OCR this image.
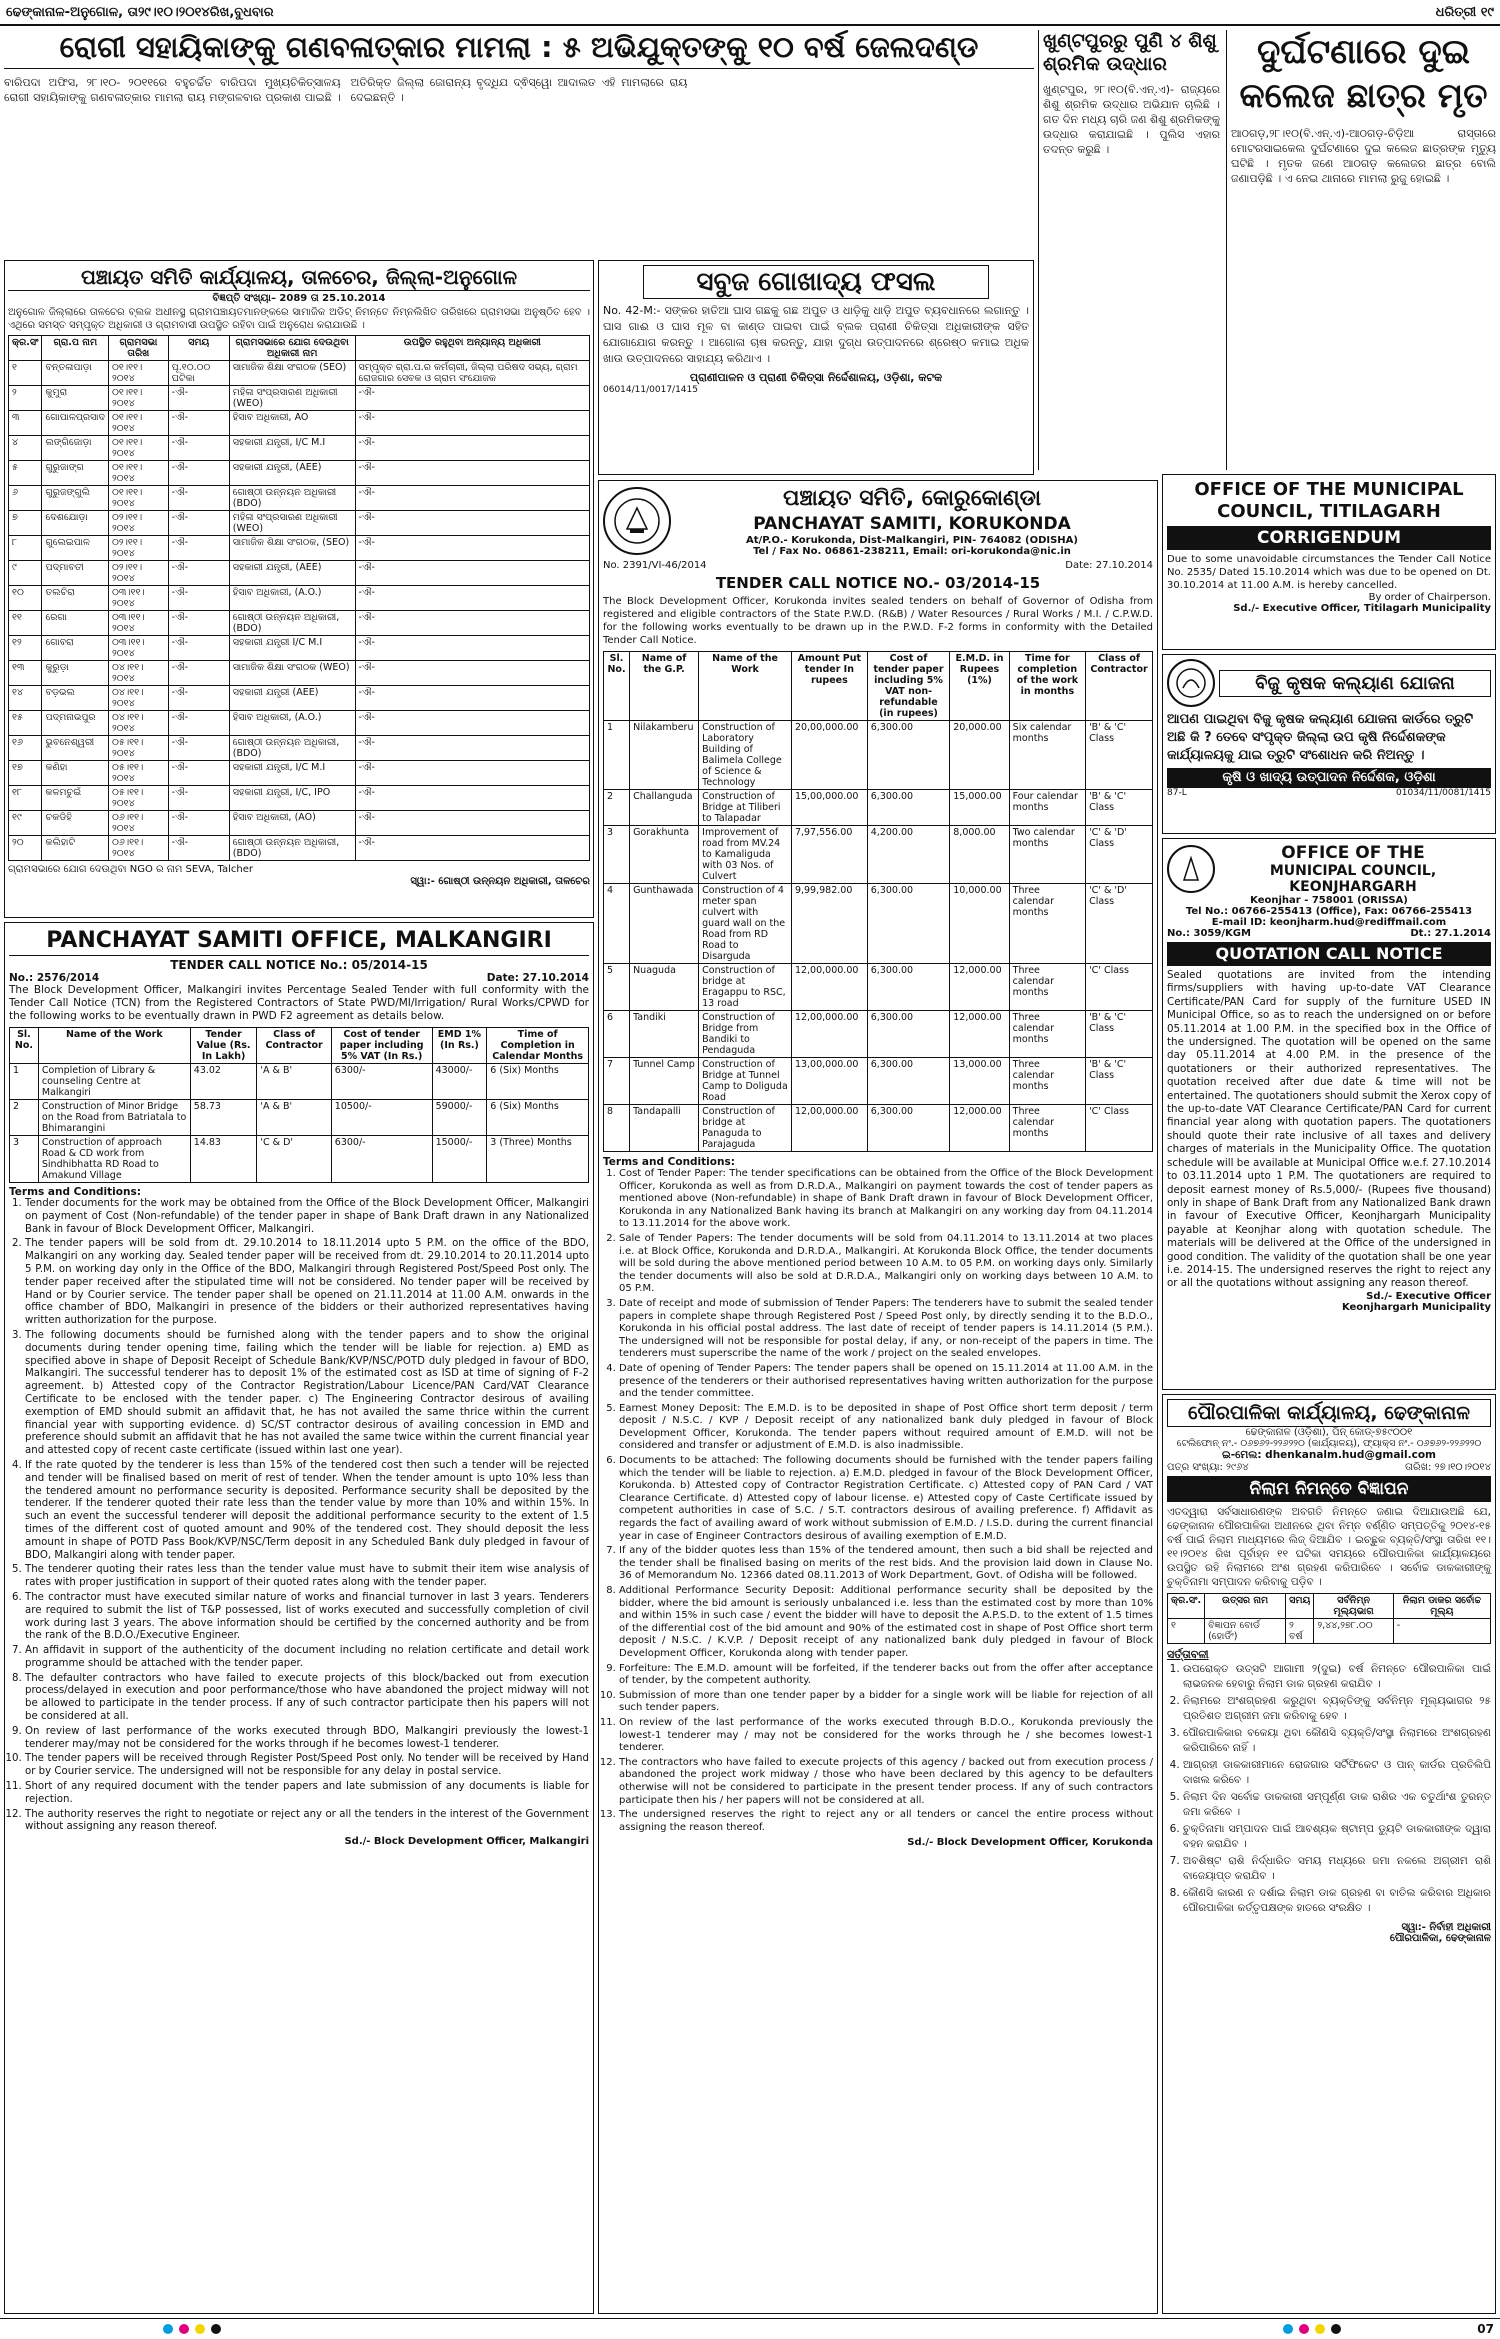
ଢେଙ୍କାନାଳ-ଅନୁଗୋଳ, ତା୨୯।୧୦।୨୦୧୪ରିଖ,ବୁଧବାର	ଧରିତ୍ରୀ ୧୯
ରୋଗୀ ସହାୟିକାଙ୍କୁ ଗଣବଳାତ୍କାର ମାମଲା : ୫ ଅଭିଯୁକ୍ତଙ୍କୁ ୧୦ ବର୍ଷ ଜେଲଦଣ୍ଡ
ବାରିପଦା ଅଫିସ, ୨୮।୧୦- ୨୦୧୧ରେ ବହୁଚର୍ଚ୍ଚିତ ବାରିପଦା ମୁଖ୍ୟଚିକିତ୍ସାଳୟ ରୋଗୀ ସହାୟିକାଙ୍କୁ ଗଣବଳାତ୍କାର ମାମଲା ରାୟ ମଙ୍ଗଳବାର ପ୍ରକାଶ ପାଇଛି । ଅତିରିକ୍ତ ଜିଲ୍ଲା ଜୋରାନ୍ୟ ବୃଦ୍ଧିଯ ଦ୍ଵିସ୍ୱୋ ଆଦାଲତ ଏହି ମାମଲାରେ ରାୟ ଦେଇଛନ୍ତି ।
ଖୁଣ୍ଟପୁରରୁ ପୁଣି ୪ ଶିଶୁ ଶ୍ରମିକ ଉଦ୍ଧାର
ଖୁଣ୍ଟପୁର, ୨୮।୧୦(ବି.ଏନ୍.ଏ)- ରାଜ୍ୟରେ ଶିଶୁ ଶ୍ରମିକ ଉଦ୍ଧାର ଅଭିଯାନ ଚାଲିଛି । ଗତ ଦିନ ମଧ୍ୟ ଚାରି ଜଣ ଶିଶୁ ଶ୍ରମିକଙ୍କୁ ଉଦ୍ଧାର କରାଯାଇଛି । ପୁଲିସ ଏହାର ତଦନ୍ତ କରୁଛି ।
ଦୁର୍ଘଟଣାରେ ଦୁଇ କଲେଜ ଛାତ୍ର ମୃତ
ଆଠଗଡ଼,୨୮।୧୦(ବି.ଏନ୍.ଏ)-ଆଠଗଡ଼-ଚିଡ଼ିଆ ରାସ୍ତାରେ ମୋଟରସାଇକେଲ ଦୁର୍ଘଟଣାରେ ଦୁଇ କଲେଜ ଛାତ୍ରଙ୍କ ମୃତ୍ୟୁ ଘଟିଛି । ମୃତକ ଜଣେ ଆଠଗଡ଼ କଲେଜର ଛାତ୍ର ବୋଲି ଜଣାପଡ଼ିଛି । ଏ ନେଇ ଥାନାରେ ମାମଲା ରୁଜୁ ହୋଇଛି ।
ପଞ୍ଚାୟତ ସମିତି କାର୍ଯ୍ୟାଳୟ, ତାଳଚେର, ଜିଲ୍ଲା-ଅନୁଗୋଳ
ବିଜ୍ଞପ୍ତି ସଂଖ୍ୟା– 2089 ତା 25.10.2014
ଅନୁଗୋଳ ଜିଲ୍ଲାରେ ତାଳଚେର ବ୍ଲକ ଅଧୀନସ୍ଥ ଗ୍ରାମପଞ୍ଚାୟତମାନଙ୍କରେ ସାମାଜିକ ଅଡିଟ୍ ନିମନ୍ତେ ନିମ୍ନଲିଖିତ ତାରିଖରେ ଗ୍ରାମସଭା ଅନୁଷ୍ଠିତ ହେବ । ଏଥିରେ ସମସ୍ତ ସମ୍ପୃକ୍ତ ଅଧିକାରୀ ଓ ଗ୍ରାମବାସୀ ଉପସ୍ଥିତ ରହିବା ପାଇଁ ଅନୁରୋଧ କରାଯାଉଛି ।
କ୍ର.ସଂ	ଗ୍ରା.ପ ନାମ	ଗ୍ରାମସଭା ତାରିଖ	ସମୟ	ଗ୍ରାମସଭାରେ ଯୋଗ ଦେଉଥିବା ଅଧିକାରୀ ନାମ	ଉପସ୍ଥିତ ରହୁଥିବା ଅନ୍ୟାନ୍ୟ ଅଧିକାରୀ
୧	ବନ୍ତଳାପାଡ଼ା	୦୧।୧୧।୨୦୧୪	ପୂ.୧୦.୦୦ ଘଟିକା	ସାମାଜିକ ଶିକ୍ଷା ସଂଗଠକ (SEO)	ସମ୍ପୃକ୍ତ ଗ୍ରା.ପ.ର କର୍ମଚାରୀ, ଜିଲ୍ଲା ପରିଷଦ ସଭ୍ୟ, ଗ୍ରାମ ରୋଜଗାର ସେବକ ଓ ଗ୍ରାମ ସଂଯୋଜକ
୨	କୁମୁରା	୦୧।୧୧।୨୦୧୪	-ଐ-	ମହିଳା ସଂପ୍ରସାରଣ ଅଧିକାରୀ (WEO)	-ଐ-
୩	ଗୋପାଳପ୍ରସାଦ	୦୧।୧୧।୨୦୧୪	-ଐ-	ହିସାବ ଅଧିକାରୀ, AO	-ଐ-
୪	ଲଙ୍ଗିଜୋଡ଼ା	୦୧।୧୧।୨୦୧୪	-ଐ-	ସହକାରୀ ଯନ୍ତ୍ରୀ, I/C M.I	-ଐ-
୫	ଗୁରୁଜାଙ୍ଗ	୦୧।୧୧।୨୦୧୪	-ଐ-	ସହକାରୀ ଯନ୍ତ୍ରୀ, (AEE)	-ଐ-
୬	ଗୁରୁଜଙ୍ଗୁଲି	୦୧।୧୧।୨୦୧୪	-ଐ-	ଗୋଷ୍ଠୀ ଉନ୍ନୟନ ଅଧିକାରୀ (BDO)	-ଐ-
୭	ଦେଶଯୋଡ଼ା	୦୨।୧୧।୨୦୧୪	-ଐ-	ମହିଳା ସଂପ୍ରସାରଣ ଅଧିକାରୀ (WEO)	-ଐ-
୮	ଗୁଲେଇପାଳ	୦୨।୧୧।୨୦୧୪	-ଐ-	ସାମାଜିକ ଶିକ୍ଷା ସଂଗଠକ, (SEO)	-ଐ-
୯	ପଦ୍ମାବତୀ	୦୨।୧୧।୨୦୧୪	-ଐ-	ସହକାରୀ ଯନ୍ତ୍ରୀ, (AEE)	-ଐ-
୧୦	ତଲଚିରା	୦୩।୧୧।୨୦୧୪	-ଐ-	ହିସାବ ଅଧିକାରୀ, (A.O.)	-ଐ-
୧୧	ରେଗା	୦୩।୧୧।୨୦୧୪	-ଐ-	ଗୋଷ୍ଠୀ ଉନ୍ନୟନ ଅଧିକାରୀ, (BDO)	-ଐ-
୧୨	ଗୋବରା	୦୩।୧୧।୨୦୧୪	-ଐ-	ସହକାରୀ ଯନ୍ତ୍ରୀ I/C M.I	-ଐ-
୧୩	କୁରୁଡ଼ା	୦୪।୧୧।୨୦୧୪	-ଐ-	ସାମାଜିକ ଶିକ୍ଷା ସଂଗଠକ (WEO)	-ଐ-
୧୪	ବଡ଼ଭଲ	୦୪।୧୧।୨୦୧୪	-ଐ-	ସହକାରୀ ଯନ୍ତ୍ରୀ (AEE)	-ଐ-
୧୫	ପଦ୍ମନାଭପୁର	୦୪।୧୧।୨୦୧୪	-ଐ-	ହିସାବ ଅଧିକାରୀ, (A.O.)	-ଐ-
୧୬	ଭୁବନେଶ୍ୱରୀ	୦୫।୧୧।୨୦୧୪	-ଐ-	ଗୋଷ୍ଠୀ ଉନ୍ନୟନ ଅଧିକାରୀ, (BDO)	-ଐ-
୧୭	କଣିହା	୦୫।୧୧।୨୦୧୪	-ଐ-	ସହକାରୀ ଯନ୍ତ୍ରୀ, I/C M.I	-ଐ-
୧୮	କଳମଚୁଇଁ	୦୫।୧୧।୨୦୧୪	-ଐ-	ସହକାରୀ ଯନ୍ତ୍ରୀ, I/C, IPO	-ଐ-
୧୯	ଚକଡିହି	୦୬।୧୧।୨୦୧୪	-ଐ-	ହିସାବ ଅଧିକାରୀ, (AO)	-ଐ-
୨୦	କଲିହାଟି	୦୬।୧୧।୨୦୧୪	-ଐ-	ଗୋଷ୍ଠୀ ଉନ୍ନୟନ ଅଧିକାରୀ, (BDO)	-ଐ-
ଗ୍ରାମସଭାରେ ଯୋଗ ଦେଉଥିବା NGO ର ନାମ SEVA, Talcher
ସ୍ୱା:- ଗୋଷ୍ଠୀ ଉନ୍ନୟନ ଅଧିକାରୀ, ତାଳଚେର
ସବୁଜ ଗୋଖାଦ୍ୟ ଫସଲ
No. 42-M:- ସଙ୍କର ହାତିଆ ଘାସ ଗଛକୁ ଗଛ ଅପୁତ ଓ ଧାଡ଼ିକୁ ଧାଡ଼ି ଅପୁତ ବ୍ୟବଧାନରେ ଲଗାନ୍ତୁ । ଘାସ ଗାଈ ଓ ଘାସ ମୂଳ ବା କାଣ୍ଡ ପାଇବା ପାଇଁ ବ୍ଲକ ପ୍ରାଣୀ ଚିକିତ୍ସା ଅଧିକାରୀଙ୍କ ସହିତ ଯୋଗାଯୋଗ କରନ୍ତୁ । ଆଗୋଳା ଚାଷ କରନ୍ତୁ, ଯାହା ଦୁଗ୍ଧ ଉତ୍ପାଦନରେ ଶ୍ରେଷ୍ଠ କମାଇ ଅଧିକ ଖାଉ ଉତ୍ପାଦନରେ ସାହାଯ୍ୟ କରିଥାଏ ।
ପ୍ରାଣୀପାଳନ ଓ ପ୍ରାଣୀ ଚିକିତ୍ସା ନିର୍ଦ୍ଦେଶାଳୟ, ଓଡ଼ିଶା, କଟକ
06014/11/0017/1415
ପଞ୍ଚାୟତ ସମିତି, କୋରୁକୋଣ୍ଡା
PANCHAYAT SAMITI, KORUKONDA
At/P.O.- Korukonda, Dist-Malkangiri, PIN- 764082 (ODISHA)
Tel / Fax No. 06861-238211, Email: ori-korukonda@nic.in
No. 2391/VI-46/2014	Date: 27.10.2014
TENDER CALL NOTICE NO.- 03/2014-15
The Block Development Officer, Korukonda invites sealed tenders on behalf of Governor of Odisha from registered and eligible contractors of the State P.W.D. (R&B) / Water Resources / Rural Works / M.I. / C.P.W.D. for the following works eventually to be drawn up in the P.W.D. F-2 forms in conformity with the Detailed Tender Call Notice.
Sl. No.	Name of the G.P.	Name of the Work	Amount Put tender In rupees	Cost of tender paper including 5% VAT non-refundable (in rupees)	E.M.D. in Rupees (1%)	Time for completion of the work in months	Class of Contractor
1	Nilakamberu	Construction of Laboratory Building of Balimela College of Science & Technology	20,00,000.00	6,300.00	20,000.00	Six calendar months	'B' & 'C' Class
2	Challanguda	Construction of Bridge at Tiliberi to Talapadar	15,00,000.00	6,300.00	15,000.00	Four calendar months	'B' & 'C' Class
3	Gorakhunta	Improvement of road from MV.24 to Kamaliguda with 03 Nos. of Culvert	7,97,556.00	4,200.00	8,000.00	Two calendar months	'C' & 'D' Class
4	Gunthawada	Construction of 4 meter span culvert with guard wall on the Road from RD Road to Disarguda	9,99,982.00	6,300.00	10,000.00	Three calendar months	'C' & 'D' Class
5	Nuaguda	Construction of bridge at Eragappu to RSC, 13 road	12,00,000.00	6,300.00	12,000.00	Three calendar months	'C' Class
6	Tandiki	Construction of Bridge from Bandiki to Pendaguda	12,00,000.00	6,300.00	12,000.00	Three calendar months	'B' & 'C' Class
7	Tunnel Camp	Construction of Bridge at Tunnel Camp to Doliguda Road	13,00,000.00	6,300.00	13,000.00	Three calendar months	'B' & 'C' Class
8	Tandapalli	Construction of bridge at Panaguda to Parajaguda	12,00,000.00	6,300.00	12,000.00	Three calendar months	'C' Class
Terms and Conditions:
1. Cost of Tender Paper: The tender specifications can be obtained from the Office of the Block Development Officer, Korukonda as well as from D.R.D.A., Malkangiri on payment towards the cost of tender papers as mentioned above (Non-refundable) in shape of Bank Draft drawn in favour of Block Development Officer, Korukonda in any Nationalized Bank having its branch at Malkangiri on any working day from 04.11.2014 to 13.11.2014 for the above work.
2. Sale of Tender Papers: The tender documents will be sold from 04.11.2014 to 13.11.2014 at two places i.e. at Block Office, Korukonda and D.R.D.A., Malkangiri. At Korukonda Block Office, the tender documents will be sold during the above mentioned period between 10 A.M. to 05 P.M. on working days only. Similarly the tender documents will also be sold at D.R.D.A., Malkangiri only on working days between 10 A.M. to 05 P.M.
3. Date of receipt and mode of submission of Tender Papers: The tenderers have to submit the sealed tender papers in complete shape through Registered Post / Speed Post only, by directly sending it to the B.D.O., Korukonda in his official postal address. The last date of receipt of tender papers is 14.11.2014 (5 P.M.). The undersigned will not be responsible for postal delay, if any, or non-receipt of the papers in time. The tenderers must superscribe the name of the work / project on the sealed envelopes.
4. Date of opening of Tender Papers: The tender papers shall be opened on 15.11.2014 at 11.00 A.M. in the presence of the tenderers or their authorised representatives having written authorization for the purpose and the tender committee.
5. Earnest Money Deposit: The E.M.D. is to be deposited in shape of Post Office short term deposit / term deposit / N.S.C. / KVP / Deposit receipt of any nationalized bank duly pledged in favour of Block Development Officer, Korukonda. The tender papers without required amount of E.M.D. will not be considered and transfer or adjustment of E.M.D. is also inadmissible.
6. Documents to be attached: The following documents should be furnished with the tender papers failing which the tender will be liable to rejection. a) E.M.D. pledged in favour of the Block Development Officer, Korukonda. b) Attested copy of Contractor Registration Certificate. c) Attested copy of PAN Card / VAT Clearance Certificate. d) Attested copy of labour license. e) Attested copy of Caste Certificate issued by competent authorities in case of S.C. / S.T. contractors desirous of availing preference. f) Affidavit as regards the fact of availing award of work without submission of E.M.D. / I.S.D. during the current financial year in case of Engineer Contractors desirous of availing exemption of E.M.D.
7. If any of the bidder quotes less than 15% of the tendered amount, then such a bid shall be rejected and the tender shall be finalised basing on merits of the rest bids. And the provision laid down in Clause No. 36 of Memorandum No. 12366 dated 08.11.2013 of Work Department, Govt. of Odisha will be followed.
8. Additional Performance Security Deposit: Additional performance security shall be deposited by the bidder, where the bid amount is seriously unbalanced i.e. less than the estimated cost by more than 10% and within 15% in such case / event the bidder will have to deposit the A.P.S.D. to the extent of 1.5 times of the differential cost of the bid amount and 90% of the estimated cost in shape of Post Office short term deposit / N.S.C. / K.V.P. / Deposit receipt of any nationalized bank duly pledged in favour of Block Development Officer, Korukonda along with tender paper.
9. Forfeiture: The E.M.D. amount will be forfeited, if the tenderer backs out from the offer after acceptance of tender, by the competent authority.
10. Submission of more than one tender paper by a bidder for a single work will be liable for rejection of all such tender papers.
11. On review of the last performance of the works executed through B.D.O., Korukonda previously the lowest-1 tenderer may / may not be considered for the works through he / she becomes lowest-1 tenderer.
12. The contractors who have failed to execute projects of this agency / backed out from execution process / abandoned the project work midway / those who have been declared by this agency to be defaulters otherwise will not be considered to participate in the present tender process. If any of such contractors participate then his / her papers will not be considered at all.
13. The undersigned reserves the right to reject any or all tenders or cancel the entire process without assigning the reason thereof.
Sd./- Block Development Officer, Korukonda
PANCHAYAT SAMITI OFFICE, MALKANGIRI
TENDER CALL NOTICE No.: 05/2014-15
No.: 2576/2014	Date: 27.10.2014
The Block Development Officer, Malkangiri invites Percentage Sealed Tender with full conformity with the Tender Call Notice (TCN) from the Registered Contractors of State PWD/MI/Irrigation/ Rural Works/CPWD for the following works to be eventually drawn in PWD F2 agreement as details below.
Sl. No.	Name of the Work	Tender Value (Rs. In Lakh)	Class of Contractor	Cost of tender paper including 5% VAT (In Rs.)	EMD 1% (In Rs.)	Time of Completion in Calendar Months
1	Completion of Library & counseling Centre at Malkangiri	43.02	'A & B'	6300/-	43000/-	6 (Six) Months
2	Construction of Minor Bridge on the Road from Batriatala to Bhimarangini	58.73	'A & B'	10500/-	59000/-	6 (Six) Months
3	Construction of approach Road & CD work from Sindhibhatta RD Road to Amakund Village	14.83	'C & D'	6300/-	15000/-	3 (Three) Months
Terms and Conditions:
1. Tender documents for the work may be obtained from the Office of the Block Development Officer, Malkangiri on payment of Cost (Non-refundable) of the tender paper in shape of Bank Draft drawn in any Nationalized Bank in favour of Block Development Officer, Malkangiri.
2. The tender papers will be sold from dt. 29.10.2014 to 18.11.2014 upto 5 P.M. on the office of the BDO, Malkangiri on any working day. Sealed tender paper will be received from dt. 29.10.2014 to 20.11.2014 upto 5 P.M. on working day only in the Office of the BDO, Malkangiri through Registered Post/Speed Post only. The tender paper received after the stipulated time will not be considered. No tender paper will be received by Hand or by Courier service. The tender paper shall be opened on 21.11.2014 at 11.00 A.M. onwards in the office chamber of BDO, Malkangiri in presence of the bidders or their authorized representatives having written authorization for the purpose.
3. The following documents should be furnished along with the tender papers and to show the original documents during tender opening time, failing which the tender will be liable for rejection. a) EMD as specified above in shape of Deposit Receipt of Schedule Bank/KVP/NSC/POTD duly pledged in favour of BDO, Malkangiri. The successful tenderer has to deposit 1% of the estimated cost as ISD at time of signing of F-2 agreement. b) Attested copy of the Contractor Registration/Labour Licence/PAN Card/VAT Clearance Certificate to be enclosed with the tender paper. c) The Engineering Contractor desirous of availing exemption of EMD should submit an affidavit that, he has not availed the same thrice within the current financial year with supporting evidence. d) SC/ST contractor desirous of availing concession in EMD and preference should submit an affidavit that he has not availed the same twice within the current financial year and attested copy of recent caste certificate (issued within last one year).
4. If the rate quoted by the tenderer is less than 15% of the tendered cost then such a tender will be rejected and tender will be finalised based on merit of rest of tender. When the tender amount is upto 10% less than the tendered amount no performance security is deposited. Performance security shall be deposited by the tenderer. If the tenderer quoted their rate less than the tender value by more than 10% and within 15%. In such an event the successful tenderer will deposit the additional performance security to the extent of 1.5 times of the different cost of quoted amount and 90% of the tendered cost. They should deposit the less amount in shape of POTD Pass Book/KVP/NSC/Term deposit in any Scheduled Bank duly pledged in favour of BDO, Malkangiri along with tender paper.
5. The tenderer quoting their rates less than the tender value must have to submit their item wise analysis of rates with proper justification in support of their quoted rates along with the tender paper.
6. The contractor must have executed similar nature of works and financial turnover in last 3 years. Tenderers are required to submit the list of T&P possessed, list of works executed and successfully completion of civil work during last 3 years. The above information should be certified by the concerned authority and be from the rank of the B.D.O./Executive Engineer.
7. An affidavit in support of the authenticity of the document including no relation certificate and detail work programme should be attached with the tender paper.
8. The defaulter contractors who have failed to execute projects of this block/backed out from execution process/delayed in execution and poor performance/those who have abandoned the project midway will not be allowed to participate in the tender process. If any of such contractor participate then his papers will not be considered at all.
9. On review of last performance of the works executed through BDO, Malkangiri previously the lowest-1 tenderer may/may not be considered for the works through if he becomes lowest-1 tenderer.
10. The tender papers will be received through Register Post/Speed Post only. No tender will be received by Hand or by Courier service. The undersigned will not be responsible for any delay in postal service.
11. Short of any required document with the tender papers and late submission of any documents is liable for rejection.
12. The authority reserves the right to negotiate or reject any or all the tenders in the interest of the Government without assigning any reason thereof.
Sd./- Block Development Officer, Malkangiri
OFFICE OF THE MUNICIPAL
COUNCIL, TITILAGARH
CORRIGENDUM
Due to some unavoidable circumstances the Tender Call Notice No. 2535/ Dated 15.10.2014 which was due to be opened on Dt. 30.10.2014 at 11.00 A.M. is hereby cancelled.
By order of Chairperson.
Sd./- Executive Officer, Titilagarh Municipality
ବିଜୁ କୃଷକ କଲ୍ୟାଣ ଯୋଜନା
ଆପଣ ପାଇଥିବା ବିଜୁ କୃଷକ କଲ୍ୟାଣ ଯୋଜନା କାର୍ଡରେ ତ୍ରୁଟି ଅଛି କି ? ତେବେ ସଂପୃକ୍ତ ଜିଲ୍ଲା ଉପ କୃଷି ନିର୍ଦ୍ଦେଶକଙ୍କ କାର୍ଯ୍ୟାଳୟକୁ ଯାଇ ତ୍ରୁଟି ସଂଶୋଧନ କରି ନିଅନ୍ତୁ ।
କୃଷି ଓ ଖାଦ୍ୟ ଉତ୍ପାଦନ ନିର୍ଦ୍ଦେଶକ, ଓଡ଼ିଶା
87-L	01034/11/0081/1415
OFFICE OF THE
MUNICIPAL COUNCIL, KEONJHARGARH
Keonjhar - 758001 (ORISSA)
Tel No.: 06766-255413 (Office), Fax: 06766-255413
E-mail ID: keonjharm.hud@rediffmail.com
No.: 3059/KGM	Dt.: 27.1.2014
QUOTATION CALL NOTICE
Sealed quotations are invited from the intending firms/suppliers with having up-to-date VAT Clearance Certificate/PAN Card for supply of the furniture USED IN Municipal Office, so as to reach the undersigned on or before 05.11.2014 at 1.00 P.M. in the specified box in the Office of the undersigned. The quotation will be opened on the same day 05.11.2014 at 4.00 P.M. in the presence of the quotationers or their authorized representatives. The quotation received after due date & time will not be entertained. The quotationers should submit the Xerox copy of the up-to-date VAT Clearance Certificate/PAN Card for current financial year along with quotation papers. The quotationers should quote their rate inclusive of all taxes and delivery charges of materials in the Municipality Office. The quotation schedule will be available at Municipal Office w.e.f. 27.10.2014 to 03.11.2014 upto 1 P.M. The quotationers are required to deposit earnest money of Rs.5,000/- (Rupees five thousand) only in shape of Bank Draft from any Nationalized Bank drawn in favour of Executive Officer, Keonjhargarh Municipality payable at Keonjhar along with quotation schedule. The materials will be delivered at the Office of the undersigned in good condition. The validity of the quotation shall be one year i.e. 2014-15. The undersigned reserves the right to reject any or all the quotations without assigning any reason thereof.
Sd./- Executive Officer
Keonjhargarh Municipality
ପୌରପାଳିକା କାର୍ଯ୍ୟାଳୟ, ଢେଙ୍କାନାଳ
ଢେଙ୍କାନାଳ (ଓଡ଼ିଶା), ପିନ୍ କୋଡ୍-୭୫୯୦୦୧
ଟେଲିଫୋନ୍ ନଂ.- ୦୬୭୬୨-୨୨୬୨୨୦ (କାର୍ଯ୍ୟାଳୟ), ଫ୍ୟାକ୍ସ ନଂ.- ୦୬୭୬୨-୨୨୬୨୨୦
ଇ-ମେଲ: dhenkanalm.hud@gmail.com
ପତ୍ର ସଂଖ୍ୟା: ୨୯୬୪	ତାରିଖ: ୨୭।୧୦।୨୦୧୪
ନିଲାମ ନିମନ୍ତେ ବିଜ୍ଞାପନ
ଏତଦ୍ୱାରା ସର୍ବସାଧାରଣଙ୍କ ଅବଗତି ନିମନ୍ତେ ଜଣାଇ ଦିଆଯାଉଅଛି ଯେ, ଢେଙ୍କାନାଳ ପୌରପାଳିକା ଅଧୀନରେ ଥିବା ନିମ୍ନ ବର୍ଣ୍ଣିତ ସମ୍ପତ୍ତିକୁ ୨୦୧୪-୧୫ ବର୍ଷ ପାଇଁ ନିଲାମ ମାଧ୍ୟମରେ ଲିଜ୍ ଦିଆଯିବ । ଇଚ୍ଛୁକ ବ୍ୟକ୍ତି/ସଂସ୍ଥା ତାରିଖ ୧୧।୧୧।୨୦୧୪ ରିଖ ପୂର୍ବାହ୍ନ ୧୧ ଘଟିକା ସମୟରେ ପୌରପାଳିକା କାର୍ଯ୍ୟାଳୟରେ ଉପସ୍ଥିତ ରହି ନିଲାମରେ ଅଂଶ ଗ୍ରହଣ କରିପାରିବେ । ସର୍ବୋଚ୍ଚ ଡାକକାରୀଙ୍କୁ ଚୁକ୍ତିନାମା ସମ୍ପାଦନ କରିବାକୁ ପଡ଼ିବ ।
କ୍ର.ସଂ.	ଉତ୍ସର ନାମ	ସମୟ	ସର୍ବନିମ୍ନ ମୂଲ୍ୟଭାଗ	ନିଲାମ ଡାକର ସର୍ବୋଚ୍ଚ ମୂଲ୍ୟ
୧	ବିଜ୍ଞାପନ ବୋର୍ଡ (ହୋର୍ଡିଂ)	୨ ବର୍ଷ	୨,୪୪,୨୭୮.୦୦	-
ସର୍ତ୍ତାବଳୀ
1. ଉପରୋକ୍ତ ଉତ୍ସଟି ଆଗାମୀ ୨(ଦୁଇ) ବର୍ଷ ନିମନ୍ତେ ପୌରପାଳିକା ପାଇଁ ଲାଭଜନକ ହେବାରୁ ନିଲାମ ଡାକ ଗ୍ରହଣ କରାଯିବ ।
2. ନିଲାମରେ ଅଂଶଗ୍ରହଣ କରୁଥିବା ବ୍ୟକ୍ତିଙ୍କୁ ସର୍ବନିମ୍ନ ମୂଲ୍ୟଭାଗର ୨୫ ପ୍ରତିଶତ ଅଗ୍ରୀମ ଜମା କରିବାକୁ ହେବ ।
3. ପୌରପାଳିକାର ବକେୟା ଥିବା କୌଣସି ବ୍ୟକ୍ତି/ସଂସ୍ଥା ନିଲାମରେ ଅଂଶଗ୍ରହଣ କରିପାରିବେ ନାହିଁ ।
4. ଆଗ୍ରହୀ ଡାକକାରୀମାନେ ରୋଜଗାର ସର୍ଟିଫିକେଟ ଓ ପାନ୍ କାର୍ଡର ପ୍ରତିଲିପି ଦାଖଲ କରିବେ ।
5. ନିଲାମ ଦିନ ସର୍ବୋଚ୍ଚ ଡାକକାରୀ ସମ୍ପୂର୍ଣ୍ଣ ଡାକ ରାଶିର ଏକ ଚତୁର୍ଥାଂଶ ତୁରନ୍ତ ଜମା କରିବେ ।
6. ଚୁକ୍ତିନାମା ସମ୍ପାଦନ ପାଇଁ ଆବଶ୍ୟକ ଷ୍ଟାମ୍ପ ଡ୍ୟୁଟି ଡାକକାରୀଙ୍କ ଦ୍ୱାରା ବହନ କରାଯିବ ।
7. ଅବଶିଷ୍ଟ ରାଶି ନିର୍ଦ୍ଧାରିତ ସମୟ ମଧ୍ୟରେ ଜମା ନକଲେ ଅଗ୍ରୀମ ରାଶି ବାଜେୟାପ୍ତ କରାଯିବ ।
8. କୌଣସି କାରଣ ନ ଦର୍ଶାଇ ନିଲାମ ଡାକ ଗ୍ରହଣ ବା ବାତିଲ କରିବାର ଅଧିକାର ପୌରପାଳିକା କର୍ତ୍ତୃପକ୍ଷଙ୍କ ହାତରେ ସଂରକ୍ଷିତ ।
ସ୍ୱା:- ନିର୍ବାହୀ ଅଧିକାରୀ
ପୌରପାଳିକା, ଢେଙ୍କାନାଳ
07
